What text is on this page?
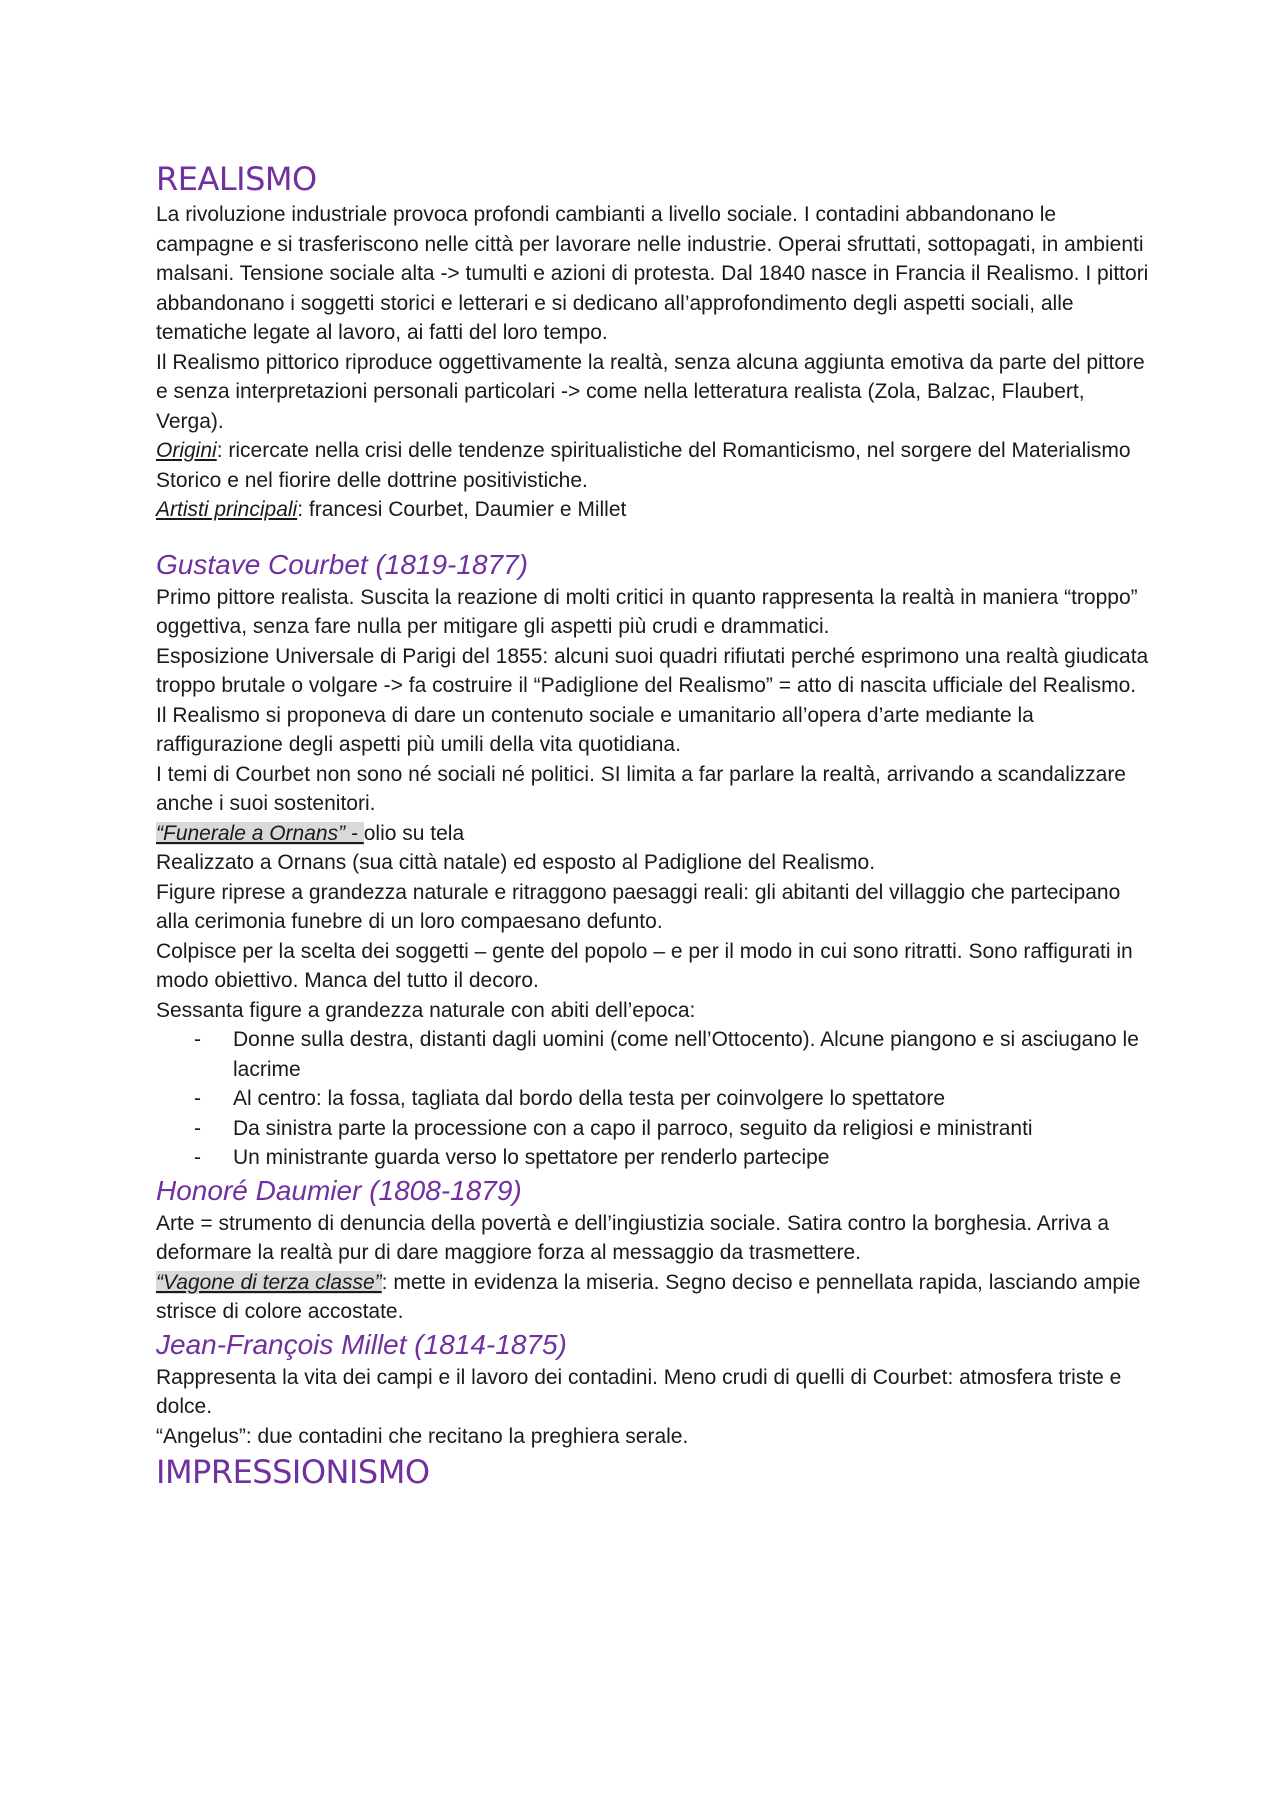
REALISMO

La rivoluzione industriale provoca profondi cambianti a livello sociale. I contadini abbandonano le campagne e si trasferiscono nelle città per lavorare nelle industrie. Operai sfruttati, sottopagati, in ambienti malsani. Tensione sociale alta -> tumulti e azioni di protesta. Dal 1840 nasce in Francia il Realismo. I pittori abbandonano i soggetti storici e letterari e si dedicano all’approfondimento degli aspetti sociali, alle tematiche legate al lavoro, ai fatti del loro tempo.

Il Realismo pittorico riproduce oggettivamente la realtà, senza alcuna aggiunta emotiva da parte del pittore e senza interpretazioni personali particolari -> come nella letteratura realista (Zola, Balzac, Flaubert, Verga).

Origini: ricercate nella crisi delle tendenze spiritualistiche del Romanticismo, nel sorgere del Materialismo Storico e nel fiorire delle dottrine positivistiche.

Artisti principali: francesi Courbet, Daumier e Millet

Gustave Courbet (1819-1877)

Primo pittore realista. Suscita la reazione di molti critici in quanto rappresenta la realtà in maniera “troppo” oggettiva, senza fare nulla per mitigare gli aspetti più crudi e drammatici.

Esposizione Universale di Parigi del 1855: alcuni suoi quadri rifiutati perché esprimono una realtà giudicata troppo brutale o volgare -> fa costruire il “Padiglione del Realismo” = atto di nascita ufficiale del Realismo.

Il Realismo si proponeva di dare un contenuto sociale e umanitario all’opera d’arte mediante la raffigurazione degli aspetti più umili della vita quotidiana.

I temi di Courbet non sono né sociali né politici. SI limita a far parlare la realtà, arrivando a scandalizzare anche i suoi sostenitori.

“Funerale a Ornans” - olio su tela

Realizzato a Ornans (sua città natale) ed esposto al Padiglione del Realismo.

Figure riprese a grandezza naturale e ritraggono paesaggi reali: gli abitanti del villaggio che partecipano alla cerimonia funebre di un loro compaesano defunto.

Colpisce per la scelta dei soggetti – gente del popolo – e per il modo in cui sono ritratti. Sono raffigurati in modo obiettivo. Manca del tutto il decoro.

Sessanta figure a grandezza naturale con abiti dell’epoca:

- Donne sulla destra, distanti dagli uomini (come nell’Ottocento). Alcune piangono e si asciugano le lacrime
- Al centro: la fossa, tagliata dal bordo della testa per coinvolgere lo spettatore
- Da sinistra parte la processione con a capo il parroco, seguito da religiosi e ministranti
- Un ministrante guarda verso lo spettatore per renderlo partecipe
Honoré Daumier (1808-1879)

Arte = strumento di denuncia della povertà e dell’ingiustizia sociale. Satira contro la borghesia. Arriva a deformare la realtà pur di dare maggiore forza al messaggio da trasmettere.

“Vagone di terza classe”: mette in evidenza la miseria. Segno deciso e pennellata rapida, lasciando ampie strisce di colore accostate.

Jean-François Millet (1814-1875)

Rappresenta la vita dei campi e il lavoro dei contadini. Meno crudi di quelli di Courbet: atmosfera triste e dolce.

“Angelus”: due contadini che recitano la preghiera serale.

IMPRESSIONISMO
